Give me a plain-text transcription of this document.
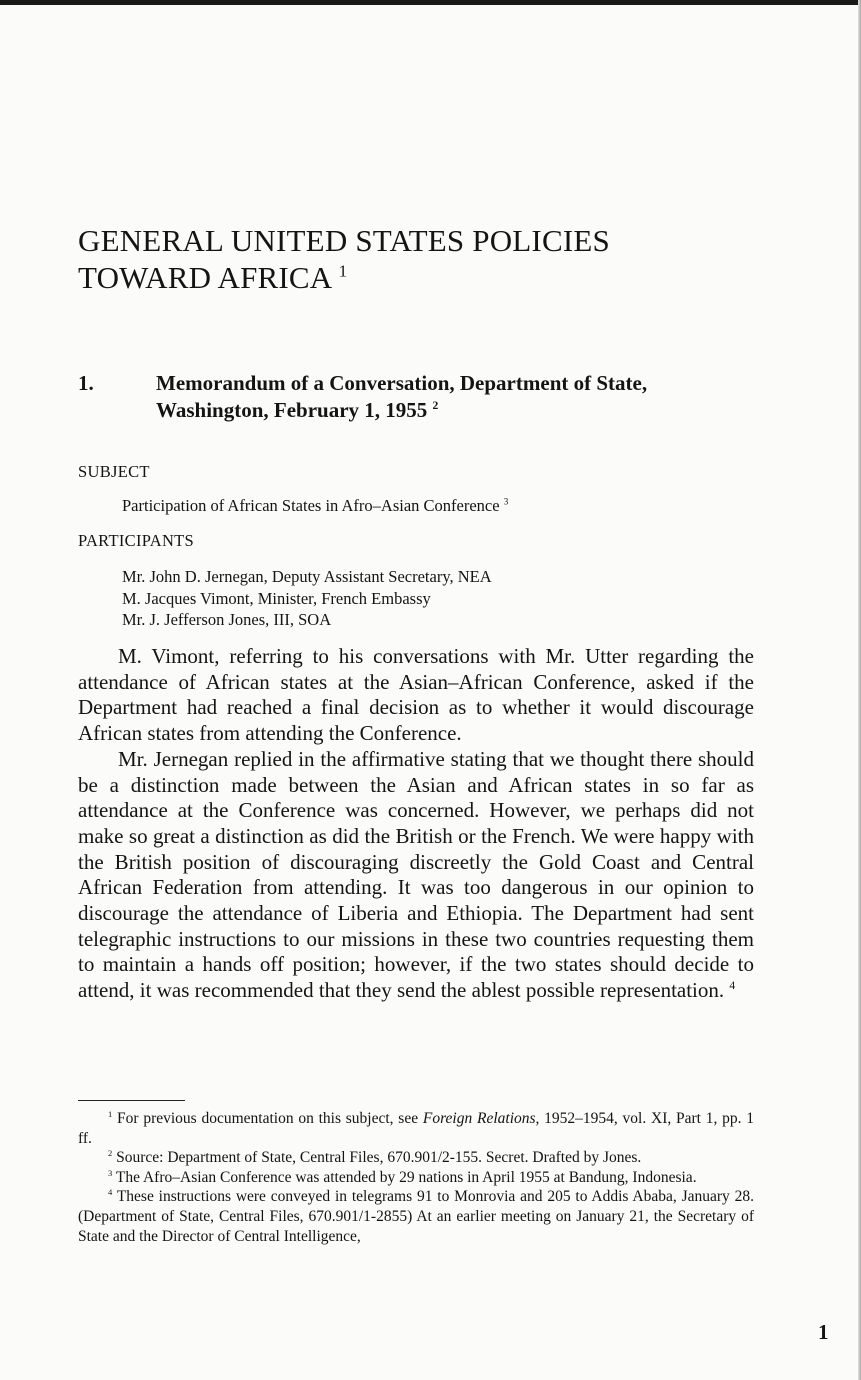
GENERAL UNITED STATES POLICIES
TOWARD AFRICA $^1$
1.	Memorandum of a Conversation, Department of State, Washington, February 1, 1955 $^2$
SUBJECT
Participation of African States in Afro–Asian Conference $^3$
PARTICIPANTS
Mr. John D. Jernegan, Deputy Assistant Secretary, NEA
M. Jacques Vimont, Minister, French Embassy
Mr. J. Jefferson Jones, III, SOA

M. Vimont, referring to his conversations with Mr. Utter regarding the attendance of African states at the Asian–African Conference, asked if the Department had reached a final decision as to whether it would discourage African states from attending the Conference.

Mr. Jernegan replied in the affirmative stating that we thought there should be a distinction made between the Asian and African states in so far as attendance at the Conference was concerned. However, we perhaps did not make so great a distinction as did the British or the French. We were happy with the British position of discouraging discreetly the Gold Coast and Central African Federation from attending. It was too dangerous in our opinion to discourage the attendance of Liberia and Ethiopia. The Department had sent telegraphic instructions to our missions in these two countries requesting them to maintain a hands off position; however, if the two states should decide to attend, it was recommended that they send the ablest possible representation. $^4$

$^1$ For previous documentation on this subject, see Foreign Relations, 1952–1954, vol. XI, Part 1, pp. 1 ff.

$^2$ Source: Department of State, Central Files, 670.901/2-155. Secret. Drafted by Jones.

$^3$ The Afro–Asian Conference was attended by 29 nations in April 1955 at Bandung, Indonesia.

$^4$ These instructions were conveyed in telegrams 91 to Monrovia and 205 to Addis Ababa, January 28. (Department of State, Central Files, 670.901/1-2855) At an earlier meeting on January 21, the Secretary of State and the Director of Central Intelligence,

1
